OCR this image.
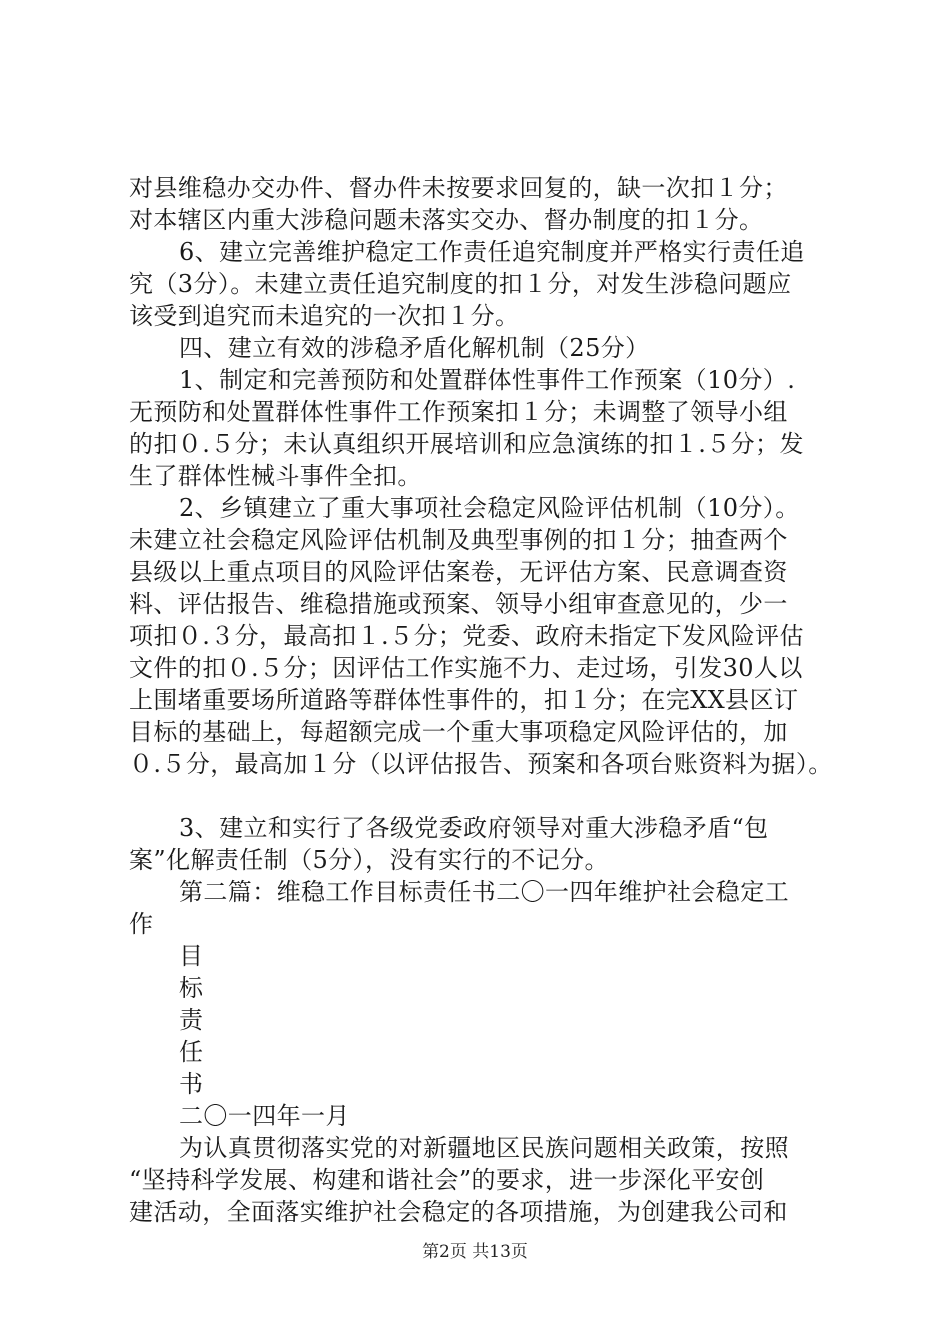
对县维稳办交办件、督办件未按要求回复的，缺一次扣１分；
对本辖区内重大涉稳问题未落实交办、督办制度的扣１分。
6、建立完善维护稳定工作责任追究制度并严格实行责任追
究（3分）。未建立责任追究制度的扣１分，对发生涉稳问题应
该受到追究而未追究的一次扣１分。
四、建立有效的涉稳矛盾化解机制（25分）
1、制定和完善预防和处置群体性事件工作预案（10分）.
无预防和处置群体性事件工作预案扣１分；未调整了领导小组
的扣０.５分；未认真组织开展培训和应急演练的扣１.５分；发
生了群体性械斗事件全扣。
2、乡镇建立了重大事项社会稳定风险评估机制（10分）。
未建立社会稳定风险评估机制及典型事例的扣１分；抽查两个
县级以上重点项目的风险评估案卷，无评估方案、民意调查资
料、评估报告、维稳措施或预案、领导小组审查意见的，少一
项扣０.３分，最高扣１.５分；党委、政府未指定下发风险评估
文件的扣０.５分；因评估工作实施不力、走过场，引发30人以
上围堵重要场所道路等群体性事件的，扣１分；在完XX县区订
目标的基础上，每超额完成一个重大事项稳定风险评估的，加
０.５分，最高加１分（以评估报告、预案和各项台账资料为据）。
3、建立和实行了各级党委政府领导对重大涉稳矛盾“包
案”化解责任制（5分），没有实行的不记分。
第二篇：维稳工作目标责任书二〇一四年维护社会稳定工
作
目
标
责
任
书
二〇一四年一月
为认真贯彻落实党的对新疆地区民族问题相关政策，按照
“坚持科学发展、构建和谐社会”的要求，进一步深化平安创
建活动，全面落实维护社会稳定的各项措施，为创建我公司和
第2页 共13页
